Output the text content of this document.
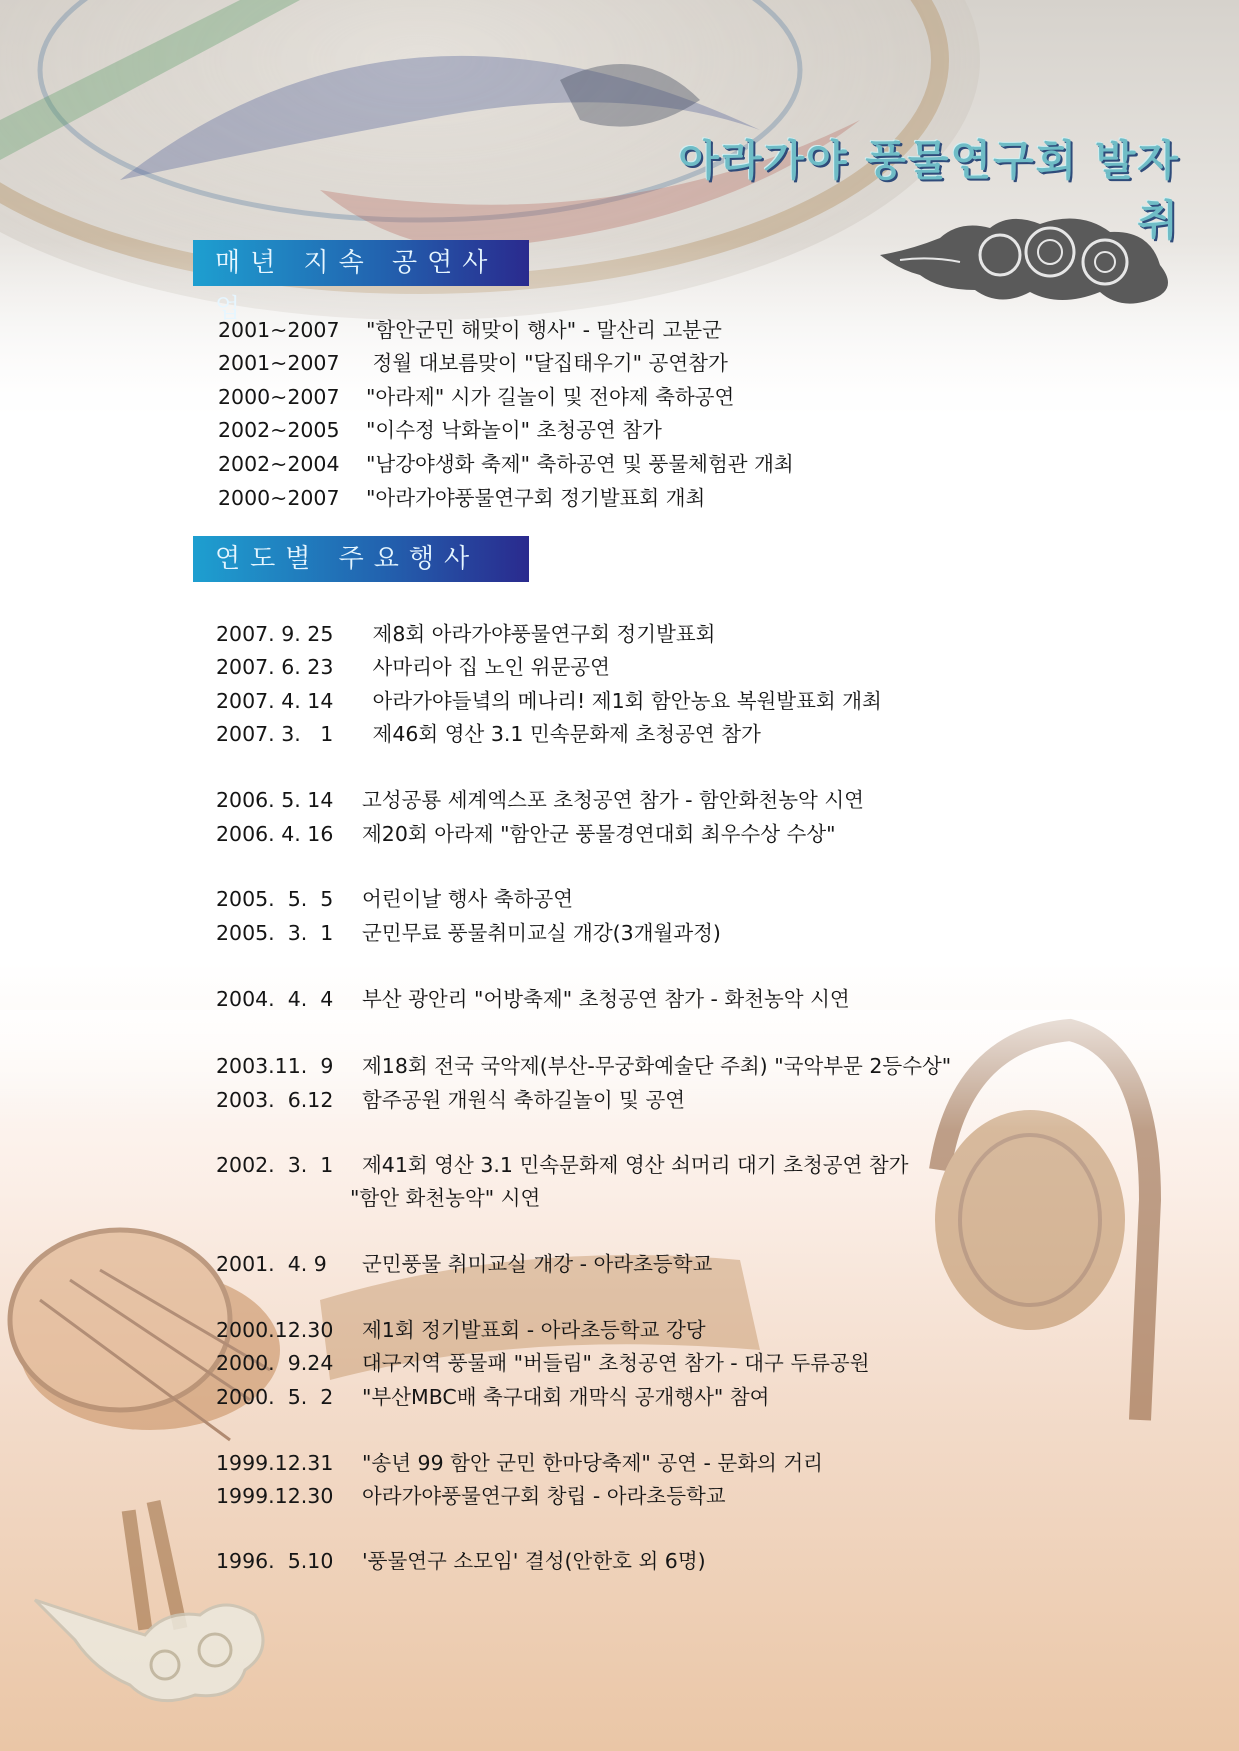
아라가야 풍물연구회 발자취
매년 지속 공연사업
2001~2007 "함안군민 해맞이 행사" - 말산리 고분군
2001~2007 정월 대보름맞이 "달집태우기" 공연참가
2000~2007 "아라제" 시가 길놀이 및 전야제 축하공연
2002~2005 "이수정 낙화놀이" 초청공연 참가
2002~2004 "남강야생화 축제" 축하공연 및 풍물체험관 개최
2000~2007 "아라가야풍물연구회 정기발표회 개최
연도별 주요행사
2007. 9. 25 제8회 아라가야풍물연구회 정기발표회
2007. 6. 23 사마리아 집 노인 위문공연
2007. 4. 14 아라가야들녘의 메나리! 제1회 함안농요 복원발표회 개최
2007. 3.   1 제46회 영산 3.1 민속문화제 초청공연 참가
2006. 5. 14 고성공룡 세계엑스포 초청공연 참가 - 함안화천농악 시연
2006. 4. 16 제20회 아라제 "함안군 풍물경연대회 최우수상 수상"
2005.  5.  5 어린이날 행사 축하공연
2005.  3.  1 군민무료 풍물취미교실 개강(3개월과정)
2004.  4.  4 부산 광안리 "어방축제" 초청공연 참가 - 화천농악 시연
2003.11.  9 제18회 전국 국악제(부산-무궁화예술단 주최) "국악부문 2등수상"
2003.  6.12 함주공원 개원식 축하길놀이 및 공연
2002.  3.  1 제41회 영산 3.1 민속문화제 영산 쇠머리 대기 초청공연 참가
"함안 화천농악" 시연
2001.  4. 9 군민풍물 취미교실 개강 - 아라초등학교
2000.12.30 제1회 정기발표회 - 아라초등학교 강당
2000.  9.24 대구지역 풍물패 "버들림" 초청공연 참가 - 대구 두류공원
2000.  5.  2 "부산MBC배 축구대회 개막식 공개행사" 참여
1999.12.31 "송년 99 함안 군민 한마당축제" 공연 - 문화의 거리
1999.12.30 아라가야풍물연구회 창립 - 아라초등학교
1996.  5.10 '풍물연구 소모임' 결성(안한호 외 6명)
